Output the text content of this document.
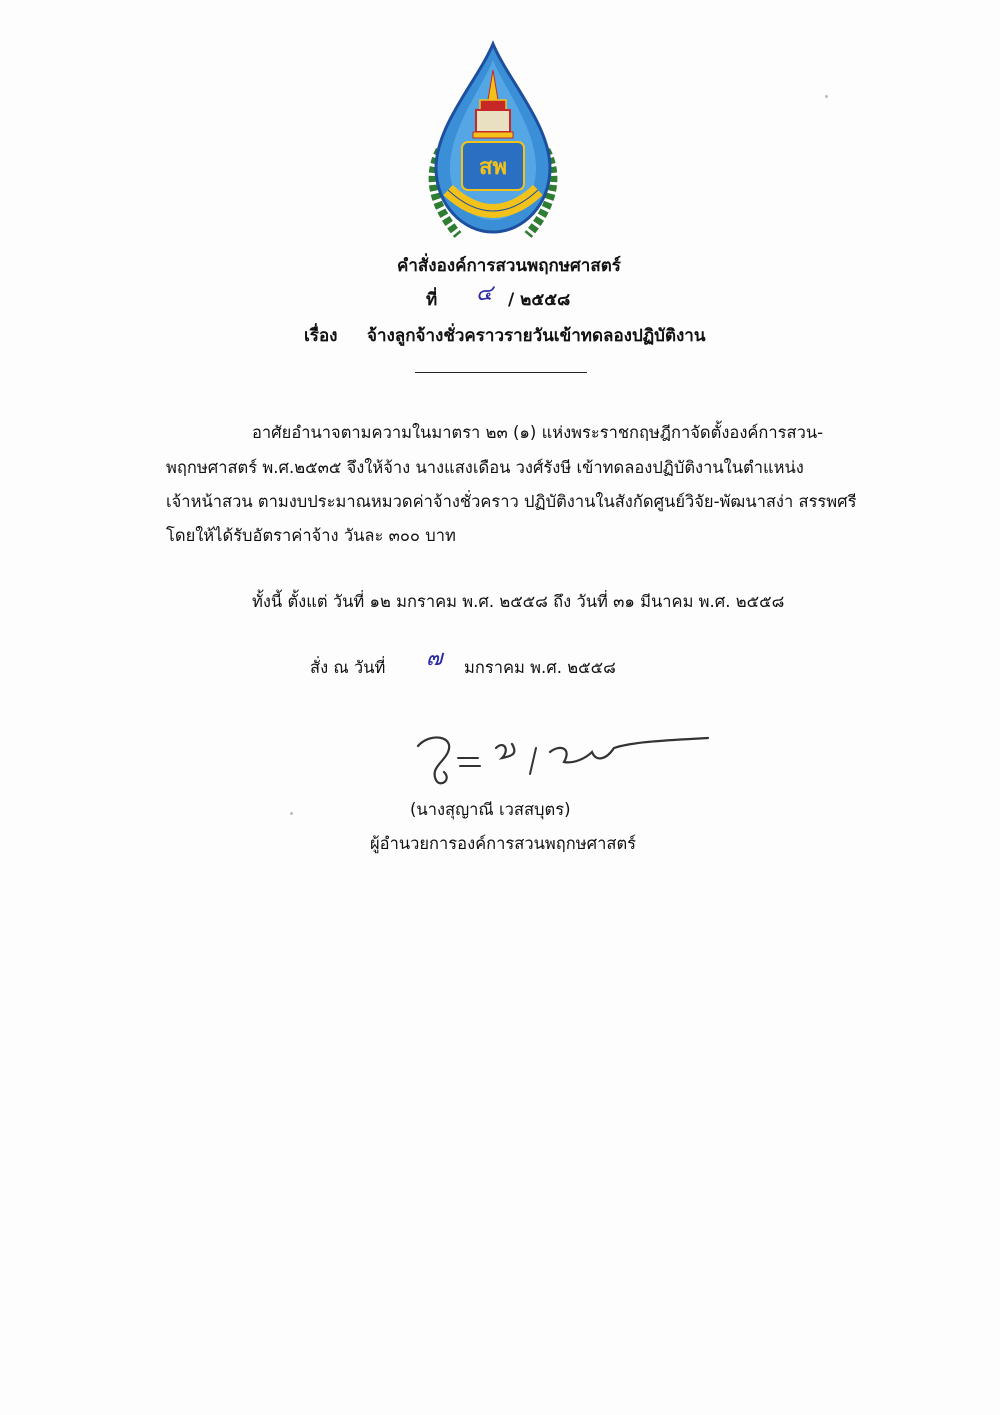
สพ
คำสั่งองค์การสวนพฤกษศาสตร์
ที่ ๔ / ๒๕๕๘
เรื่อง จ้างลูกจ้างชั่วคราวรายวันเข้าทดลองปฏิบัติงาน
อาศัยอำนาจตามความในมาตรา ๒๓ (๑) แห่งพระราชกฤษฎีกาจัดตั้งองค์การสวน-
พฤกษศาสตร์ พ.ศ.๒๕๓๕ จึงให้จ้าง นางแสงเดือน วงศ์รังษี เข้าทดลองปฏิบัติงานในตำแหน่ง
เจ้าหน้าสวน ตามงบประมาณหมวดค่าจ้างชั่วคราว ปฏิบัติงานในสังกัดศูนย์วิจัย-พัฒนาสง่า สรรพศรี
โดยให้ได้รับอัตราค่าจ้าง วันละ ๓๐๐ บาท
ทั้งนี้ ตั้งแต่ วันที่ ๑๒ มกราคม พ.ศ. ๒๕๕๘ ถึง วันที่ ๓๑ มีนาคม พ.ศ. ๒๕๕๘
สั่ง ณ วันที่ ๗ มกราคม พ.ศ. ๒๕๕๘
(นางสุญาณี เวสสบุตร)
ผู้อำนวยการองค์การสวนพฤกษศาสตร์
